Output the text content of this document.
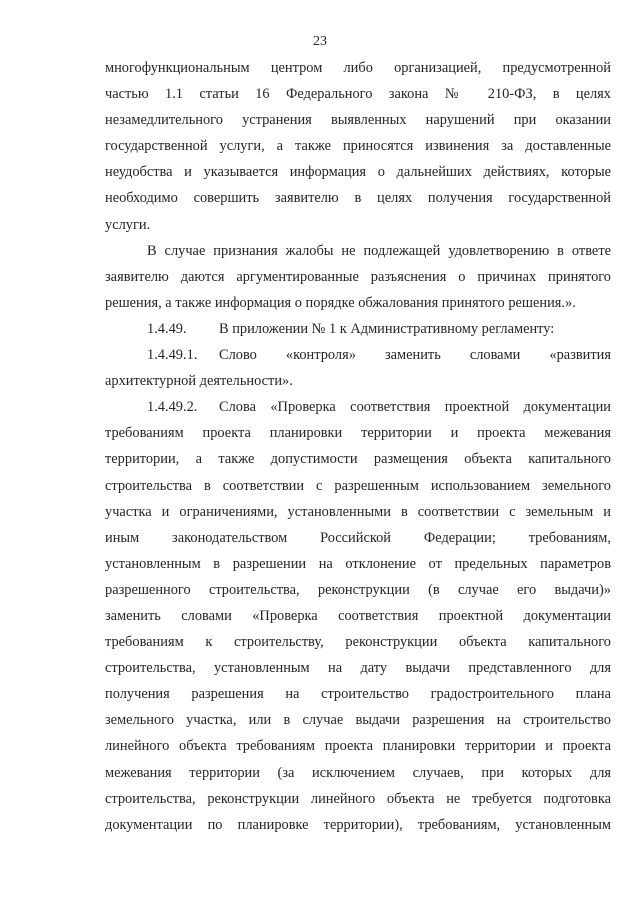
23

многофункциональным центром либо организацией, предусмотренной

частью 1.1 статьи 16 Федерального закона № 210-ФЗ, в целях

незамедлительного устранения выявленных нарушений при оказании

государственной услуги, а также приносятся извинения за доставленные

неудобства и указывается информация о дальнейших действиях, которые

необходимо совершить заявителю в целях получения государственной

услуги.

В случае признания жалобы не подлежащей удовлетворению в ответе

заявителю даются аргументированные разъяснения о причинах принятого

решения, а также информация о порядке обжалования принятого решения.».

1.4.49.	В приложении № 1 к Административному регламенту:
1.4.49.1.	Слово «контроля» заменить словами «развития

архитектурной деятельности».

1.4.49.2.	Слова «Проверка соответствия проектной документации

требованиям проекта планировки территории и проекта межевания

территории, а также допустимости размещения объекта капитального

строительства в соответствии с разрешенным использованием земельного

участка и ограничениями, установленными в соответствии с земельным и

иным законодательством Российской Федерации; требованиям,

установленным в разрешении на отклонение от предельных параметров

разрешенного строительства, реконструкции (в случае его выдачи)»

заменить словами «Проверка соответствия проектной документации

требованиям к строительству, реконструкции объекта капитального

строительства, установленным на дату выдачи представленного для

получения разрешения на строительство градостроительного плана

земельного участка, или в случае выдачи разрешения на строительство

линейного объекта требованиям проекта планировки территории и проекта

межевания территории (за исключением случаев, при которых для

строительства, реконструкции линейного объекта не требуется подготовка

документации по планировке территории), требованиям, установленным
